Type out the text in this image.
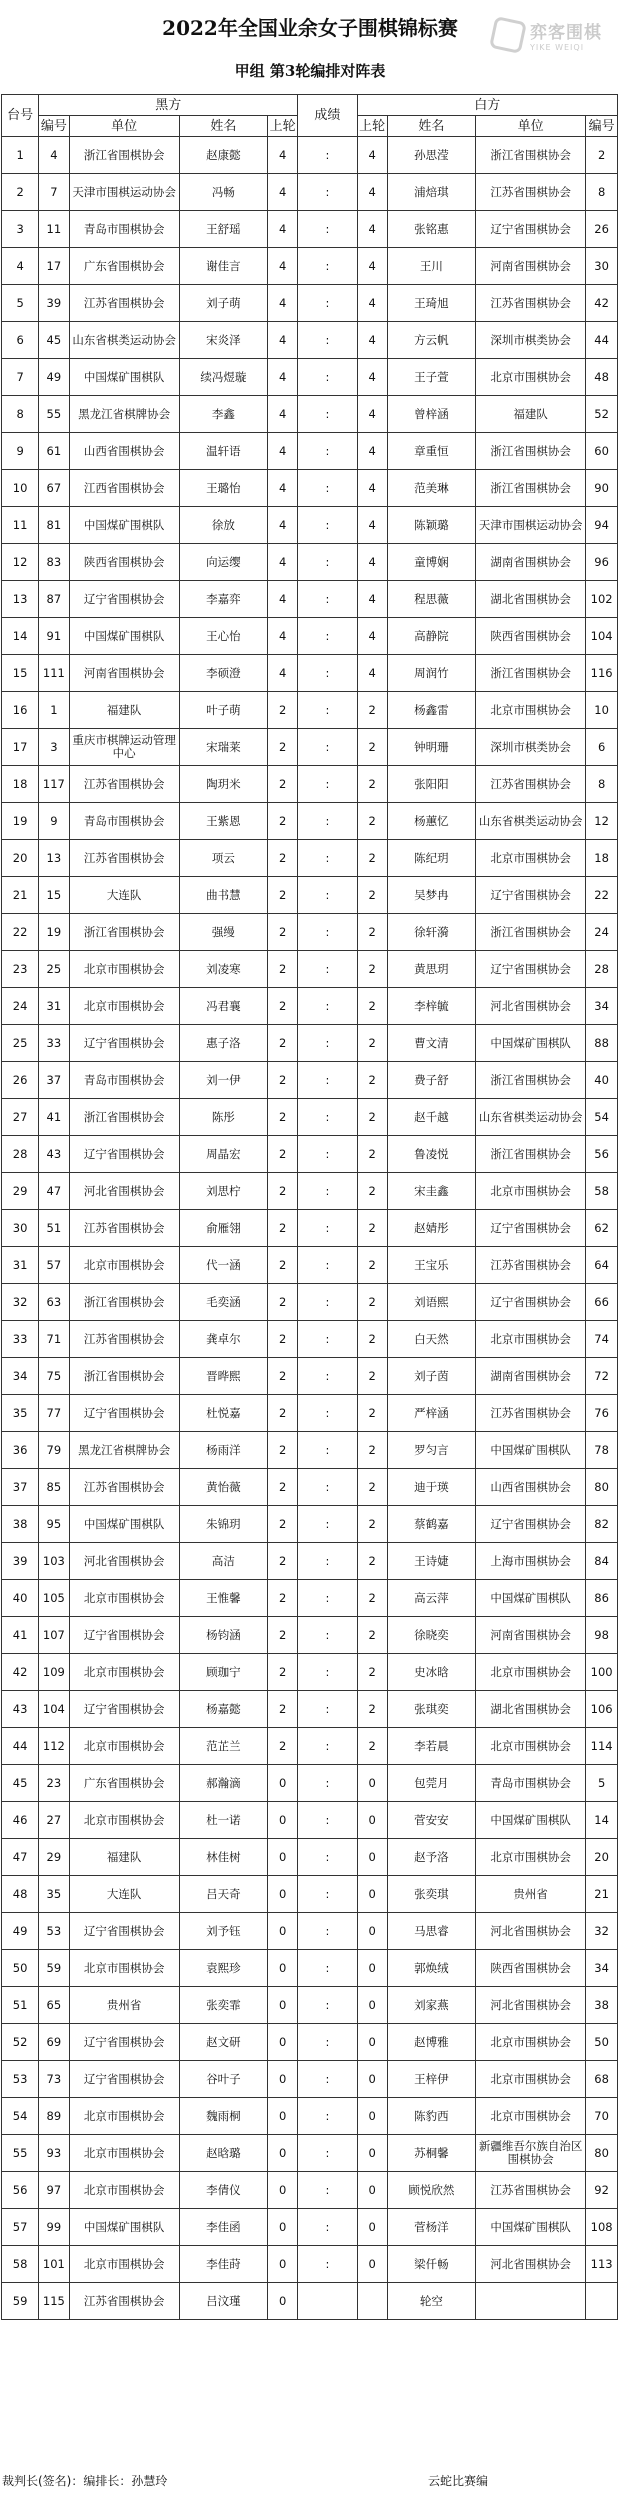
2022年全国业余女子围棋锦标赛
甲组 第3轮编排对阵表
弈客围棋
YIKE WEIQI
台号	黑方				成绩	白方			
	编号	单位	姓名	上轮		上轮	姓名	单位	编号
1	4	浙江省围棋协会	赵康懿	4	:	4	孙思滢	浙江省围棋协会	2
2	7	天津市围棋运动协会	冯畅	4	:	4	浦焙琪	江苏省围棋协会	8
3	11	青岛市围棋协会	王舒瑶	4	:	4	张铭惠	辽宁省围棋协会	26
4	17	广东省围棋协会	谢佳言	4	:	4	王川	河南省围棋协会	30
5	39	江苏省围棋协会	刘子萌	4	:	4	王琦旭	江苏省围棋协会	42
6	45	山东省棋类运动协会	宋炎泽	4	:	4	方云帆	深圳市棋类协会	44
7	49	中国煤矿围棋队	续冯煜璇	4	:	4	王子萱	北京市围棋协会	48
8	55	黑龙江省棋牌协会	李鑫	4	:	4	曾梓涵	福建队	52
9	61	山西省围棋协会	温轩语	4	:	4	章重恒	浙江省围棋协会	60
10	67	江西省围棋协会	王璐怡	4	:	4	范美琳	浙江省围棋协会	90
11	81	中国煤矿围棋队	徐放	4	:	4	陈颖璐	天津市围棋运动协会	94
12	83	陕西省围棋协会	向运缨	4	:	4	童博娴	湖南省围棋协会	96
13	87	辽宁省围棋协会	李嘉弈	4	:	4	程思薇	湖北省围棋协会	102
14	91	中国煤矿围棋队	王心怡	4	:	4	高静院	陕西省围棋协会	104
15	111	河南省围棋协会	李硕澄	4	:	4	周润竹	浙江省围棋协会	116
16	1	福建队	叶子萌	2	:	2	杨鑫雷	北京市围棋协会	10
17	3	重庆市棋牌运动管理中心	宋瑞莱	2	:	2	钟明珊	深圳市棋类协会	6
18	117	江苏省围棋协会	陶玥米	2	:	2	张阳阳	江苏省围棋协会	8
19	9	青岛市围棋协会	王紫恩	2	:	2	杨蕙忆	山东省棋类运动协会	12
20	13	江苏省围棋协会	项云	2	:	2	陈纪玥	北京市围棋协会	18
21	15	大连队	曲书慧	2	:	2	吴梦冉	辽宁省围棋协会	22
22	19	浙江省围棋协会	强缦	2	:	2	徐轩漪	浙江省围棋协会	24
23	25	北京市围棋协会	刘凌寒	2	:	2	黄思玥	辽宁省围棋协会	28
24	31	北京市围棋协会	冯君襄	2	:	2	李梓毓	河北省围棋协会	34
25	33	辽宁省围棋协会	惠子洛	2	:	2	曹文清	中国煤矿围棋队	88
26	37	青岛市围棋协会	刘一伊	2	:	2	费子舒	浙江省围棋协会	40
27	41	浙江省围棋协会	陈彤	2	:	2	赵千越	山东省棋类运动协会	54
28	43	辽宁省围棋协会	周晶宏	2	:	2	鲁凌悦	浙江省围棋协会	56
29	47	河北省围棋协会	刘思柠	2	:	2	宋圭鑫	北京市围棋协会	58
30	51	江苏省围棋协会	俞雁翎	2	:	2	赵婧彤	辽宁省围棋协会	62
31	57	北京市围棋协会	代一涵	2	:	2	王宝乐	江苏省围棋协会	64
32	63	浙江省围棋协会	毛奕涵	2	:	2	刘语熙	辽宁省围棋协会	66
33	71	江苏省围棋协会	龚卓尔	2	:	2	白天然	北京市围棋协会	74
34	75	浙江省围棋协会	晋晔熙	2	:	2	刘子茵	湖南省围棋协会	72
35	77	辽宁省围棋协会	杜悦嘉	2	:	2	严梓涵	江苏省围棋协会	76
36	79	黑龙江省棋牌协会	杨雨洋	2	:	2	罗匀言	中国煤矿围棋队	78
37	85	江苏省围棋协会	黄怡薇	2	:	2	迪于瑛	山西省围棋协会	80
38	95	中国煤矿围棋队	朱锦玥	2	:	2	蔡鹤嘉	辽宁省围棋协会	82
39	103	河北省围棋协会	高洁	2	:	2	王诗婕	上海市围棋协会	84
40	105	北京市围棋协会	王惟馨	2	:	2	高云萍	中国煤矿围棋队	86
41	107	辽宁省围棋协会	杨钧涵	2	:	2	徐晓奕	河南省围棋协会	98
42	109	北京市围棋协会	顾珈宁	2	:	2	史冰晗	北京市围棋协会	100
43	104	辽宁省围棋协会	杨嘉懿	2	:	2	张琪奕	湖北省围棋协会	106
44	112	北京市围棋协会	范芷兰	2	:	2	李若晨	北京市围棋协会	114
45	23	广东省围棋协会	郝瀚滴	0	:	0	包莞月	青岛市围棋协会	5
46	27	北京市围棋协会	杜一诺	0	:	0	菅安安	中国煤矿围棋队	14
47	29	福建队	林佳树	0	:	0	赵予洛	北京市围棋协会	20
48	35	大连队	吕天奇	0	:	0	张奕琪	贵州省	21
49	53	辽宁省围棋协会	刘予钰	0	:	0	马思睿	河北省围棋协会	32
50	59	北京市围棋协会	袁熙珍	0	:	0	郭焕绒	陕西省围棋协会	34
51	65	贵州省	张奕霏	0	:	0	刘家燕	河北省围棋协会	38
52	69	辽宁省围棋协会	赵文研	0	:	0	赵博雅	北京市围棋协会	50
53	73	辽宁省围棋协会	谷叶子	0	:	0	王梓伊	北京市围棋协会	68
54	89	北京市围棋协会	魏雨桐	0	:	0	陈豹西	北京市围棋协会	70
55	93	北京市围棋协会	赵晗璐	0	:	0	苏桐馨	新疆维吾尔族自治区围棋协会	80
56	97	北京市围棋协会	李倩仪	0	:	0	顾悦欣然	江苏省围棋协会	92
57	99	中国煤矿围棋队	李佳函	0	:	0	菅杨洋	中国煤矿围棋队	108
58	101	北京市围棋协会	李佳莳	0	:	0	梁仟畅	河北省围棋协会	113
59	115	江苏省围棋协会	吕汶瑾	0			轮空		
裁判长(签名)：编排长：孙慧玲	云蛇比赛编
